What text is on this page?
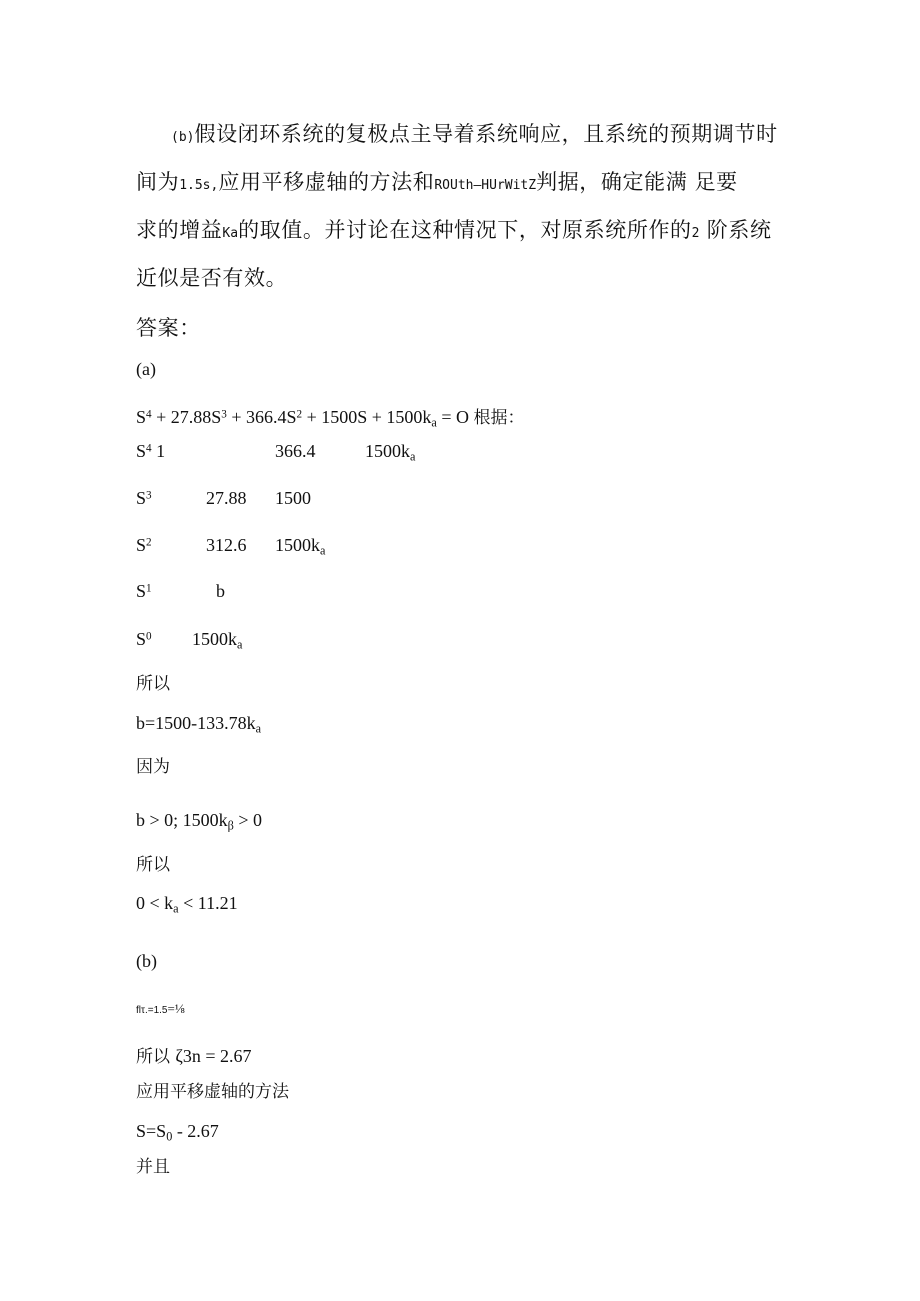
(b)假设闭环系统的复极点主导着系统响应，且系统的预期调节时
间为1.5s,应用平移虚轴的方法和ROUth—HUrWitZ判据，确定能满 足要
求的增益Ka的取值。并讨论在这种情况下，对原系统所作的2 阶系统
近似是否有效。
答案：
(a)
$S^4 + 27.88S^3 + 366.4S^2 + 1500S + 1500k_a = O$ 根据：
$S^4$ 1	366.4	$1500k_a$
$S^3$	27.88 1500
$S^2$	312.6 $1500k_a$
$S^1$	b
$S^0$ $1500k_a$
所以
$b=1500-133.78k_a$
因为
b > 0; $1500k_\beta > 0$
所以
$0 < k_a < 11.21$
(b)
flτ.=1.5=⅛
所以 ζ3n = 2.67
应用平移虚轴的方法
$S=S_0 - 2.67$
并且
